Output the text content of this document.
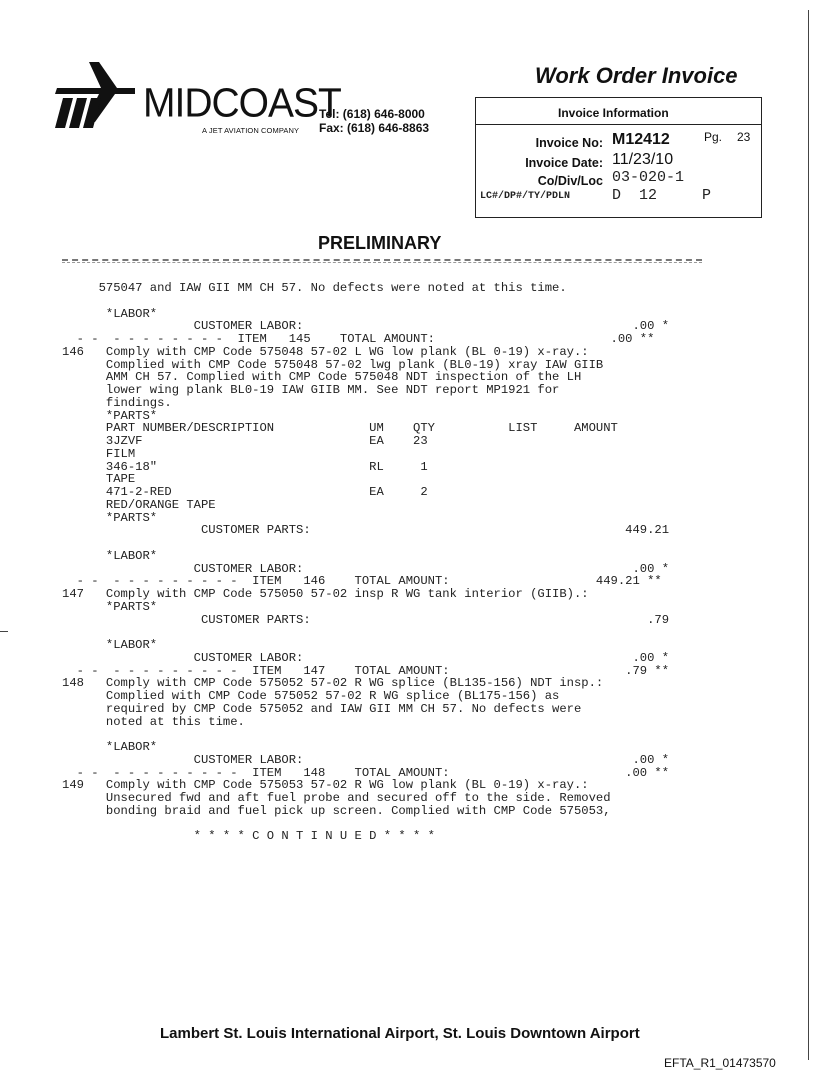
MIDCOAST
A JET AVIATION COMPANY
Tel: (618) 646-8000
Fax: (618) 646-8863
Work Order Invoice
Invoice Information
Invoice No: M12412	Pg. 23
Invoice Date: 11/23/10
Co/Div/Loc 03-020-1
LC#/DP#/TY/PDLN	D  12     P
PRELIMINARY
575047 and IAW GII MM CH 57. No defects were noted at this time.
*LABOR*
CUSTOMER LABOR:                                             .00 *
- -  - - - - - - - -  ITEM   145    TOTAL AMOUNT:                        .00 **
146   Comply with CMP Code 575048 57-02 L WG low plank (BL 0-19) x-ray.:
Complied with CMP Code 575048 57-02 lwg plank (BL0-19) xray IAW GIIB
AMM CH 57. Complied with CMP Code 575048 NDT inspection of the LH
lower wing plank BL0-19 IAW GIIB MM. See NDT report MP1921 for
findings.
*PARTS*
PART NUMBER/DESCRIPTION             UM    QTY          LIST     AMOUNT
3JZVF                               EA    23
FILM
346-18"                             RL     1
TAPE
471-2-RED                           EA     2
RED/ORANGE TAPE
*PARTS*
CUSTOMER PARTS:                                           449.21
*LABOR*
CUSTOMER LABOR:                                             .00 *
- -  - - - - - - - - -  ITEM   146    TOTAL AMOUNT:                    449.21 **
147   Comply with CMP Code 575050 57-02 insp R WG tank interior (GIIB).:
*PARTS*
CUSTOMER PARTS:                                              .79
*LABOR*
CUSTOMER LABOR:                                             .00 *
- -  - - - - - - - - -  ITEM   147    TOTAL AMOUNT:                        .79 **
148   Comply with CMP Code 575052 57-02 R WG splice (BL135-156) NDT insp.:
Complied with CMP Code 575052 57-02 R WG splice (BL175-156) as
required by CMP Code 575052 and IAW GII MM CH 57. No defects were
noted at this time.
*LABOR*
CUSTOMER LABOR:                                             .00 *
- -  - - - - - - - - -  ITEM   148    TOTAL AMOUNT:                        .00 **
149   Comply with CMP Code 575053 57-02 R WG low plank (BL 0-19) x-ray.:
Unsecured fwd and aft fuel probe and secured off to the side. Removed
bonding braid and fuel pick up screen. Complied with CMP Code 575053,
* * * * C O N T I N U E D * * * *
Lambert St. Louis International Airport, St. Louis Downtown Airport
EFTA_R1_01473570
